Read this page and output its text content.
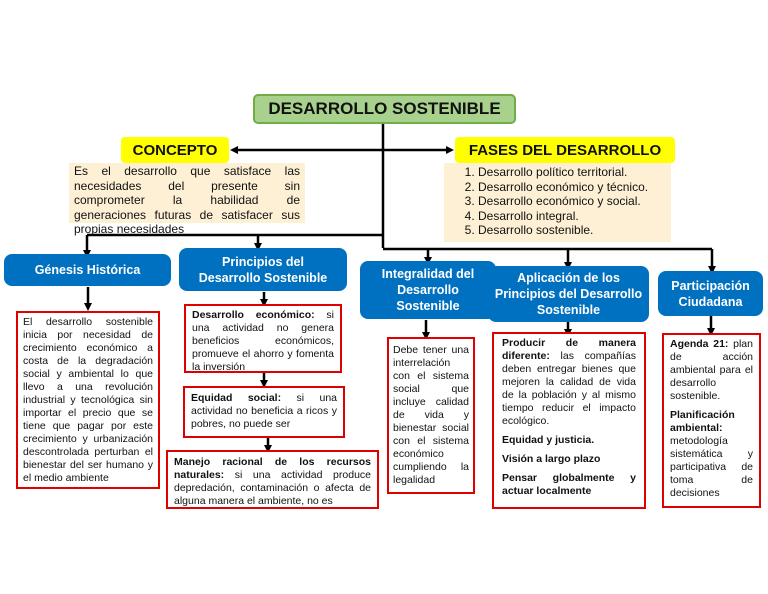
DESARROLLO SOSTENIBLE
CONCEPTO
Es el desarrollo que satisface las necesidades del presente sin comprometer la habilidad de generaciones futuras de satisfacer sus propias necesidades
FASES DEL DESARROLLO
1. Desarrollo político territorial.
2. Desarrollo económico y técnico.
3. Desarrollo económico y social.
4. Desarrollo integral.
5. Desarrollo sostenible.
Génesis Histórica
Principios del Desarrollo Sostenible	Integralidad del Desarrollo Sostenible
Aplicación de los Principios del Desarrollo Sostenible
Participación Ciudadana
El desarrollo sostenible inicia por necesidad de crecimiento económico a costa de la degradación social y ambiental lo que llevo a una revolución industrial y tecnológica sin importar el precio que se tiene que pagar por este crecimiento y urbanización descontrolada perturban el bienestar del ser humano y el medio ambiente
Desarrollo económico: si una actividad no genera beneficios económicos, promueve el ahorro y fomenta la inversión
Equidad social: si una actividad no beneficia a ricos y pobres, no puede ser
Manejo racional de los recursos naturales: si una actividad produce depredación, contaminación o afecta de alguna manera el ambiente, no es
Debe tener una interrelación con el sistema social que incluye calidad de vida y bienestar social con el sistema económico cumpliendo la legalidad
Producir de manera diferente: las compañías deben entregar bienes que mejoren la calidad de vida de la población y al mismo tiempo reducir el impacto ecológico.
Equidad y justicia.
Visión a largo plazo
Pensar globalmente y actuar localmente
Agenda 21: plan de acción ambiental para el desarrollo sostenible.
Planificación ambiental: metodología sistemática y participativa de toma de decisiones
